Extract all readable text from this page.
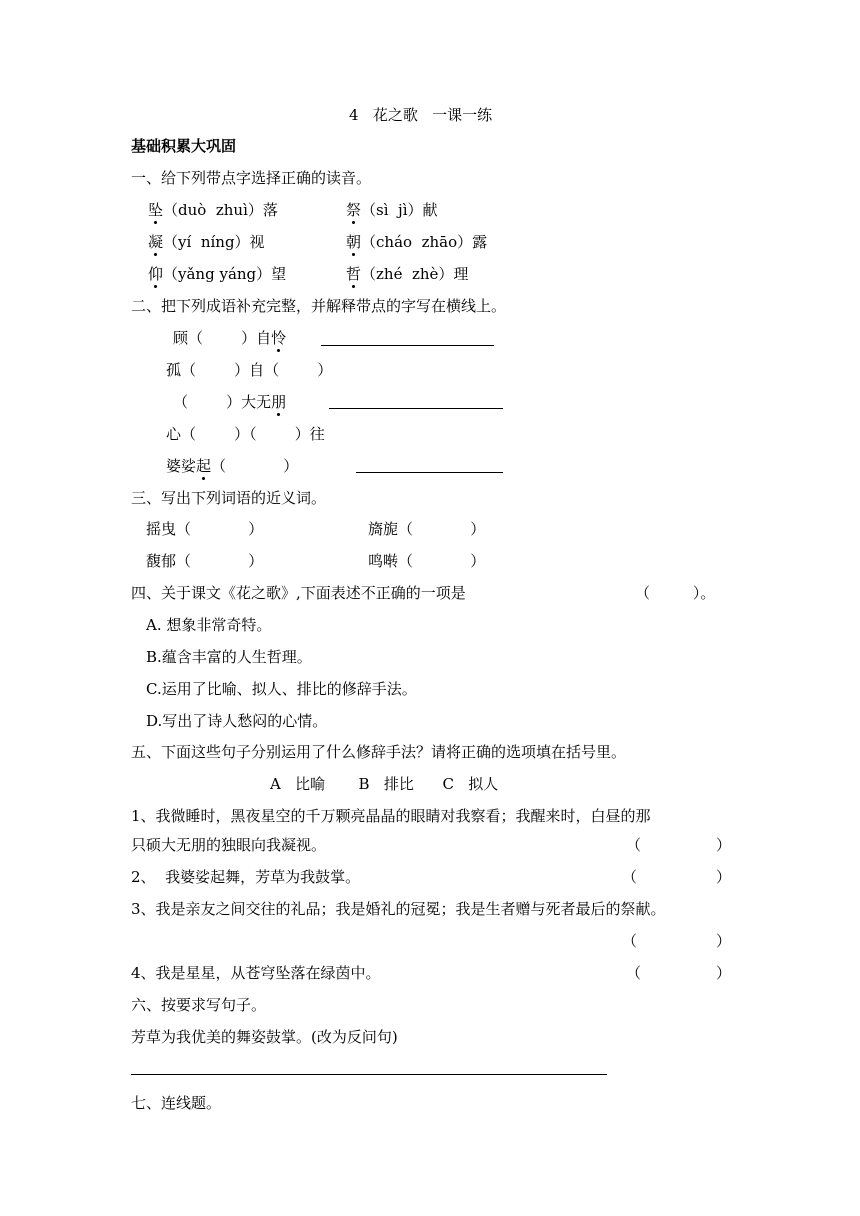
4   花之歌   一课一练
基础积累大巩固
一、给下列带点字选择正确的读音。
坠（duò  zhuì）落	祭（sì  jì）献
凝（yí  níng）视	朝（cháo  zhāo）露
仰（yǎng yáng）望	哲（zhé  zhè）理
二、把下列成语补充完整，并解释带点的字写在横线上。
顾（        ）自怜
孤（        ）自（        ）
（        ）大无朋
心（        ）（        ）往
婆娑起（            ）
三、写出下列词语的近义词。
摇曳（            ）	旖旎（            ）
馥郁（            ）	鸣啭（            ）
四、关于课文《花之歌》,下面表述不正确的一项是	（         ）。
A. 想象非常奇特。
B.蕴含丰富的人生哲理。
C.运用了比喻、拟人、排比的修辞手法。
D.写出了诗人愁闷的心情。
五、下面这些句子分别运用了什么修辞手法？请将正确的选项填在括号里。
A   比喻       B   排比      C   拟人
1、我微睡时，黑夜星空的千万颗亮晶晶的眼睛对我察看；我醒来时，白昼的那
只硕大无朋的独眼向我凝视。	（	）
2、  我婆娑起舞，芳草为我鼓掌。	（	）
3、我是亲友之间交往的礼品；我是婚礼的冠冕；我是生者赠与死者最后的祭献。
（	）
4、我是星星，从苍穹坠落在绿茵中。	（	）
六、按要求写句子。
芳草为我优美的舞姿鼓掌。(改为反问句)
七、连线题。
